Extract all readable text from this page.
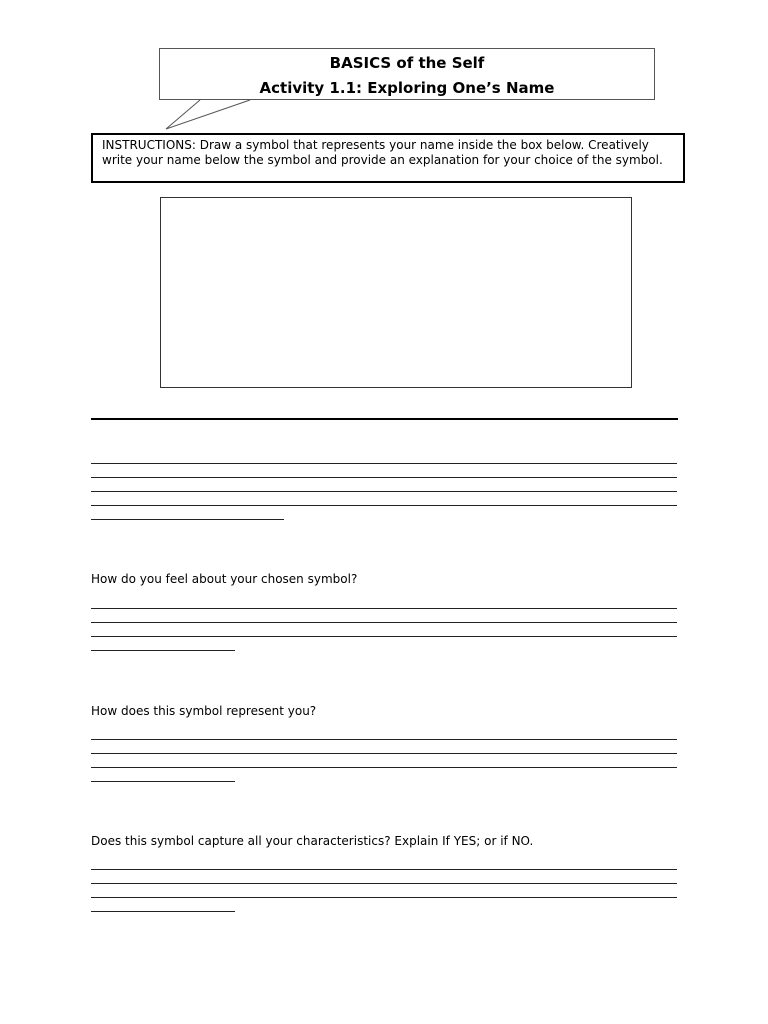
BASICS of the Self
Activity 1.1: Exploring One’s Name
INSTRUCTIONS: Draw a symbol that represents your name inside the box below. Creatively write your name below the symbol and provide an explanation for your choice of the symbol.
How do you feel about your chosen symbol?
How does this symbol represent you?
Does this symbol capture all your characteristics? Explain If YES; or if NO.
